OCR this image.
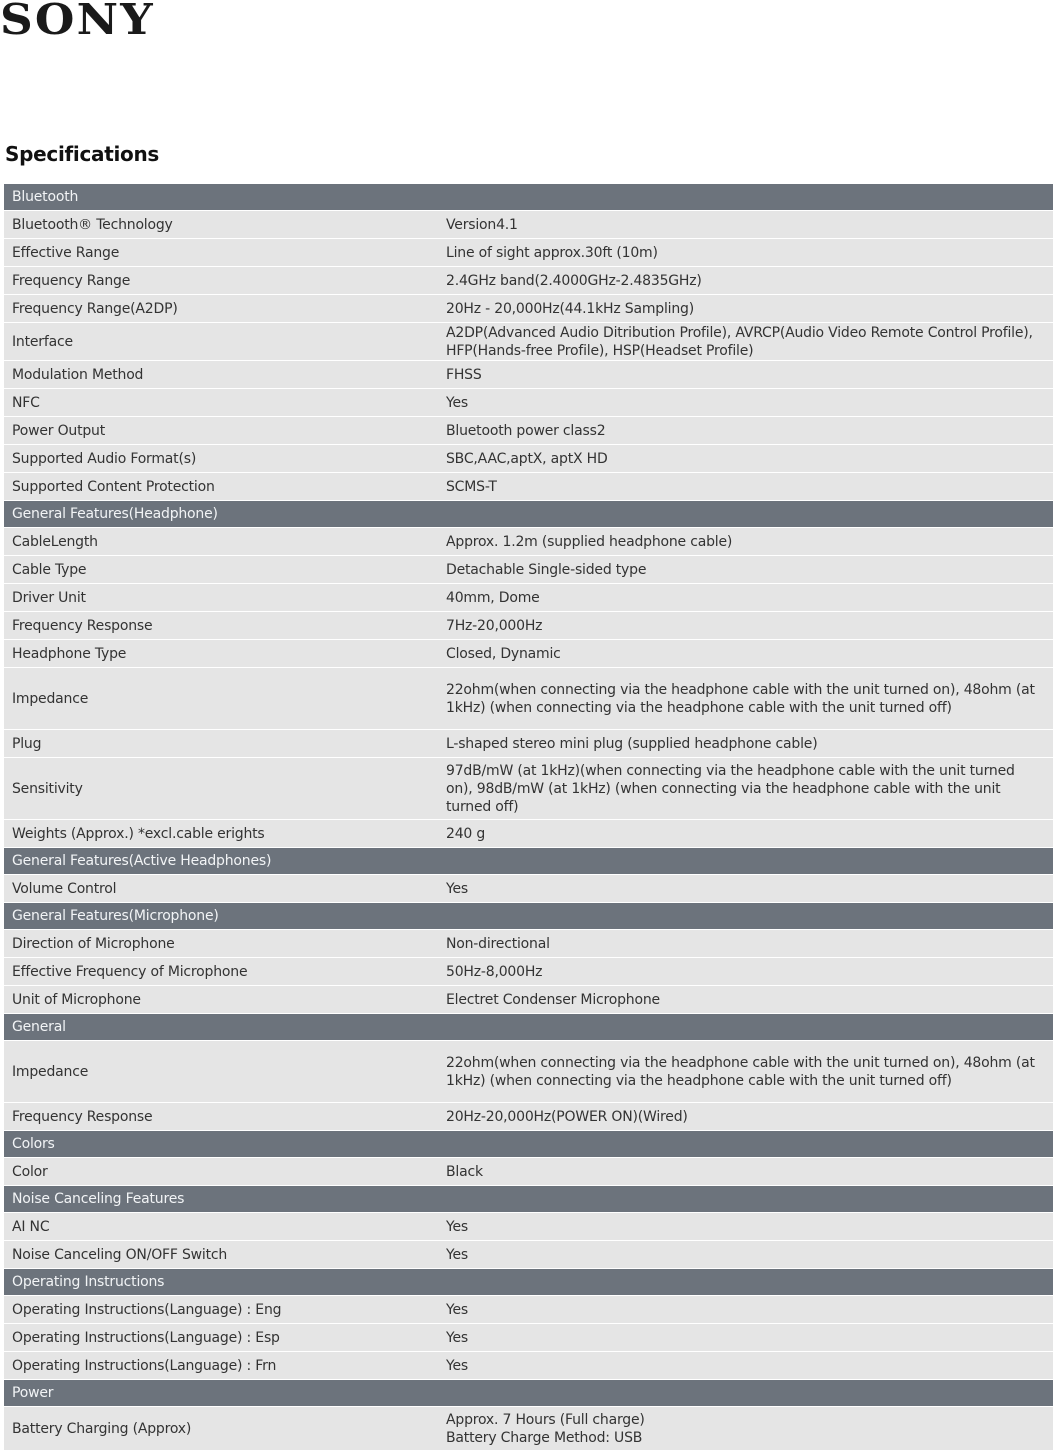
SONY
Specifications
Bluetooth	
Bluetooth® Technology	Version4.1
Effective Range	Line of sight approx.30ft (10m)
Frequency Range	2.4GHz band(2.4000GHz-2.4835GHz)
Frequency Range(A2DP)	20Hz - 20,000Hz(44.1kHz Sampling)
Interface	A2DP(Advanced Audio Ditribution Profile), AVRCP(Audio Video Remote Control Profile), HFP(Hands-free Profile), HSP(Headset Profile)
Modulation Method	FHSS
NFC	Yes
Power Output	Bluetooth power class2
Supported Audio Format(s)	SBC,AAC,aptX, aptX HD
Supported Content Protection	SCMS-T
General Features(Headphone)	
CableLength	Approx. 1.2m (supplied headphone cable)
Cable Type	Detachable Single-sided type
Driver Unit	40mm, Dome
Frequency Response	7Hz-20,000Hz
Headphone Type	Closed, Dynamic
Impedance	22ohm(when connecting via the headphone cable with the unit turned on), 48ohm (at 1kHz) (when connecting via the headphone cable with the unit turned off)
Plug	L-shaped stereo mini plug (supplied headphone cable)
Sensitivity	97dB/mW (at 1kHz)(when connecting via the headphone cable with the unit turned on), 98dB/mW (at 1kHz) (when connecting via the headphone cable with the unit turned off)
Weights (Approx.) *excl.cable erights	240 g
General Features(Active Headphones)	
Volume Control	Yes
General Features(Microphone)	
Direction of Microphone	Non-directional
Effective Frequency of Microphone	50Hz-8,000Hz
Unit of Microphone	Electret Condenser Microphone
General	
Impedance	22ohm(when connecting via the headphone cable with the unit turned on), 48ohm (at 1kHz) (when connecting via the headphone cable with the unit turned off)
Frequency Response	20Hz-20,000Hz(POWER ON)(Wired)
Colors	
Color	Black
Noise Canceling Features	
AI NC	Yes
Noise Canceling ON/OFF Switch	Yes
Operating Instructions	
Operating Instructions(Language) : Eng	Yes
Operating Instructions(Language) : Esp	Yes
Operating Instructions(Language) : Frn	Yes
Power	
Battery Charging (Approx)	Approx. 7 Hours (Full charge)
Battery Charge Method: USB
